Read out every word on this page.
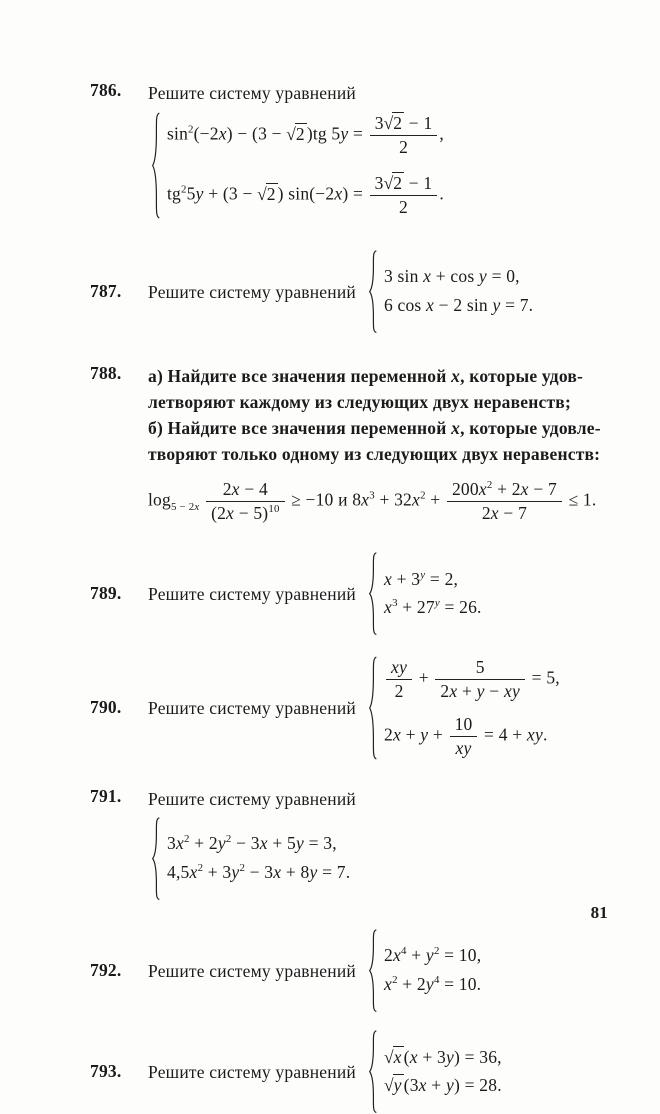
786.	Решите систему уравнений
$\sin^2(-2x) - (3 - √2$ )tg $5y = \frac{3√2 - 1}{2}$ ,
$tg^25y + (3 - √2$ ) $\sin(-2x) = \frac{3√2 - 1}{2}$ .
787.	Решите систему уравнений
3 sin x + cos y = 0,
6 cos x − 2 sin y = 7.
788.	а) Найдите все значения переменной x, которые удов-
летворяют каждому из следующих двух неравенств;
б) Найдите все значения переменной x, которые удовле-
творяют только одному из следующих двух неравенств:
$\log_{5 - 2x} \frac{2x - 4}{(2x - 5)^{10}} \ge -10$ и $8x^3 + 32x^2 + \frac{200x^2 + 2x - 7}{2x - 7} \le 1$.
789.	Решите систему уравнений
$x + 3^y = 2$,
$x^3 + 27^y = 26$.
790.	Решите систему уравнений
$\frac{xy}{2} + \frac{5}{2x + y - xy} = 5$,
$2x + y + \frac{10}{xy} = 4$ + xy.
791.	Решите систему уравнений
$3x^2 + 2y^2 - 3x + 5y = 3$,
$4,5x^2 + 3y^2 - 3x + 8y = 7$.
792.	Решите систему уравнений
$2x^4 + y^2 = 10$,
$x^2 + 2y^4 = 10$.
793.	Решите систему уравнений
√x (x + 3y) = 36,
√y (3x + y) = 28.
81
